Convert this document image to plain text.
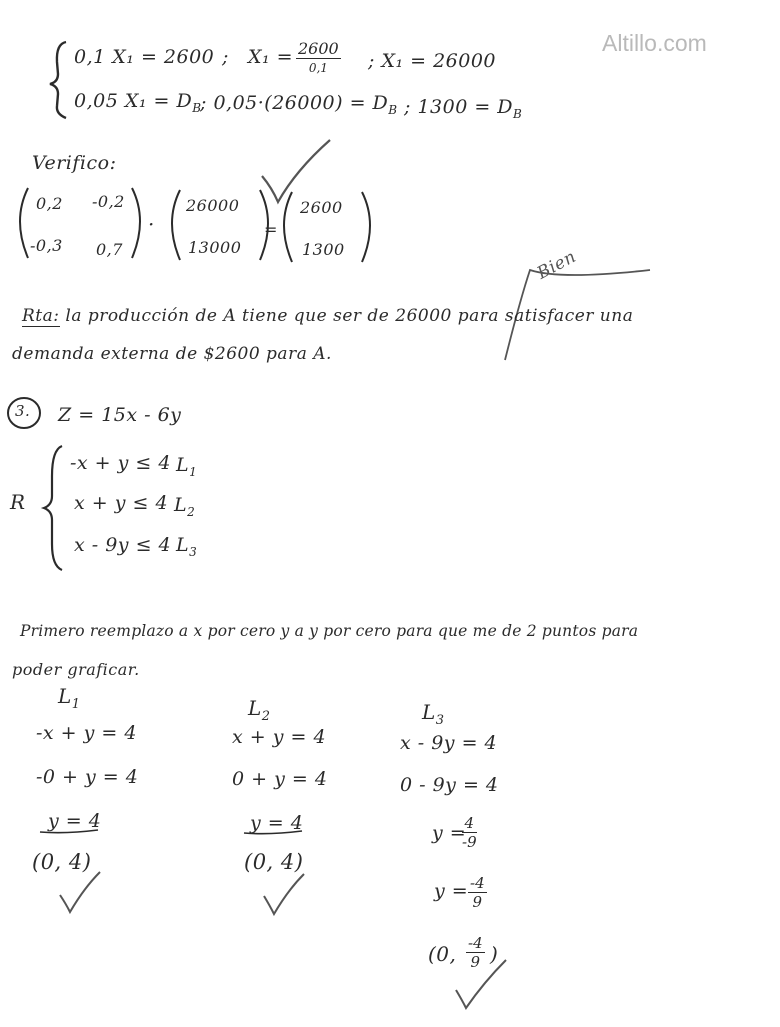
Altillo.com
0,1 X₁ = 2600 ; X₁ = 2600
0,1	; X₁ = 26000
0,05 $X_1 = D_B$
; $0,05\cdot(26000) = D_B$ ; $1300 = D_B$
Verifico:
0,2 -0,2
-0,3 0,7
·
26000
13000
=
2600
1300	Bien
Rta: la producción de A tiene que ser de 26000 para satisfacer una
demanda externa de $2600 para A.
3. Z = 15x - 6y
R
-x + y ≤ 4 $L_1$
x + y ≤ 4 $L_2$
x - 9y ≤ 4 $L_3$
Primero reemplazo a x por cero y a y por cero para que me de 2 puntos para
poder graficar.
$L_1$
-x + y = 4
-0 + y = 4
y = 4
(0, 4)
$L_2$
x + y = 4
0 + y = 4
y = 4
(0, 4)
$L_3$
x - 9y = 4
0 - 9y = 4
y =
$\frac{4}{-9}$
$y = \frac{-4}{9}$
(0, $\frac{-4}{9}$ )
